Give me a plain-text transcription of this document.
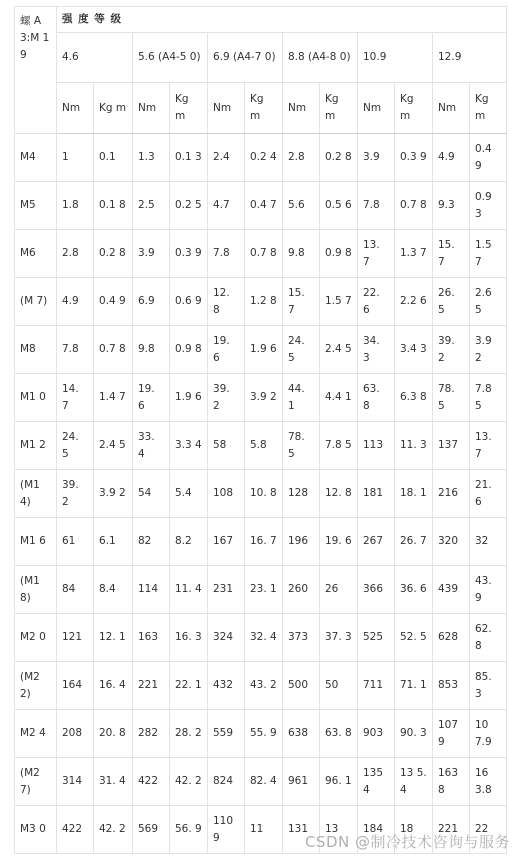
螺 A 3:M 19	强 度 等 级											
	4.6		5.6 (A4-5 0)		6.9 (A4-7 0)		8.8 (A4-8 0)		10.9		12.9	
	Nm	Kg m	Nm	Kg m	Nm	Kg m	Nm	Kg m	Nm	Kg m	Nm	Kg m
M4	1	0.1	1.3	0.1 3	2.4	0.2 4	2.8	0.2 8	3.9	0.3 9	4.9	0.4 9
M5	1.8	0.1 8	2.5	0.2 5	4.7	0.4 7	5.6	0.5 6	7.8	0.7 8	9.3	0.9 3
M6	2.8	0.2 8	3.9	0.3 9	7.8	0.7 8	9.8	0.9 8	13. 7	1.3 7	15. 7	1.5 7
(M 7)	4.9	0.4 9	6.9	0.6 9	12. 8	1.2 8	15. 7	1.5 7	22. 6	2.2 6	26. 5	2.6 5
M8	7.8	0.7 8	9.8	0.9 8	19. 6	1.9 6	24. 5	2.4 5	34. 3	3.4 3	39. 2	3.9 2
M1 0	14. 7	1.4 7	19. 6	1.9 6	39. 2	3.9 2	44. 1	4.4 1	63. 8	6.3 8	78. 5	7.8 5
M1 2	24. 5	2.4 5	33. 4	3.3 4	58	5.8	78. 5	7.8 5	113	11. 3	137	13. 7
(M1 4)	39. 2	3.9 2	54	5.4	108	10. 8	128	12. 8	181	18. 1	216	21. 6
M1 6	61	6.1	82	8.2	167	16. 7	196	19. 6	267	26. 7	320	32
(M1 8)	84	8.4	114	11. 4	231	23. 1	260	26	366	36. 6	439	43. 9
M2 0	121	12. 1	163	16. 3	324	32. 4	373	37. 3	525	52. 5	628	62. 8
(M2 2)	164	16. 4	221	22. 1	432	43. 2	500	50	711	71. 1	853	85. 3
M2 4	208	20. 8	282	28. 2	559	55. 9	638	63. 8	903	90. 3	107 9	10 7.9
(M2 7)	314	31. 4	422	42. 2	824	82. 4	961	96. 1	135 4	13 5.4	163 8	16 3.8
M3 0	422	42. 2	569	56. 9	110 9	11	131	13	184	18	221	22
CSDN @制冷技术咨询与服务
